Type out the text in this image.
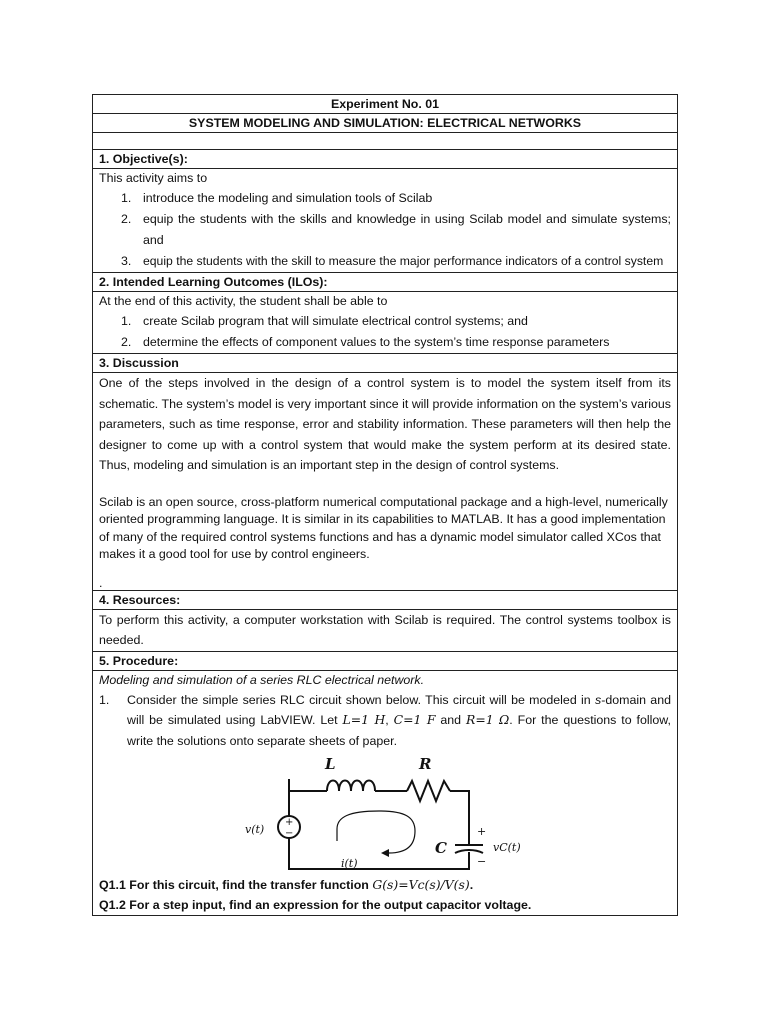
Experiment No. 01
SYSTEM MODELING AND SIMULATION: ELECTRICAL NETWORKS
1. Objective(s):
This activity aims to
1. introduce the modeling and simulation tools of Scilab
2. equip the students with the skills and knowledge in using Scilab model and simulate systems; and
3. equip the students with the skill to measure the major performance indicators of a control system
2. Intended Learning Outcomes (ILOs):
At the end of this activity, the student shall be able to
1. create Scilab program that will simulate electrical control systems; and
2. determine the effects of component values to the system’s time response parameters
3. Discussion
One of the steps involved in the design of a control system is to model the system itself from its schematic. The system’s model is very important since it will provide information on the system’s various parameters, such as time response, error and stability information. These parameters will then help the designer to come up with a control system that would make the system perform at its desired state. Thus, modeling and simulation is an important step in the design of control systems.
Scilab is an open source, cross-platform numerical computational package and a high-level, numerically oriented programming language. It is similar in its capabilities to MATLAB. It has a good implementation of many of the required control systems functions and has a dynamic model simulator called XCos that makes it a good tool for use by control engineers.
.
4. Resources:
To perform this activity, a computer workstation with Scilab is required. The control systems toolbox is needed.
5. Procedure:
Modeling and simulation of a series RLC electrical network.
1. Consider the simple series RLC circuit shown below. This circuit will be modeled in s-domain and will be simulated using LabVIEW. Let L=1 H, C=1 F and R=1 Ω. For the questions to follow, write the solutions onto separate sheets of paper.
L	R
C
v(t)
vC(t)
i(t)
+
−	+
−
Q1.1 For this circuit, find the transfer function G(s)=Vc(s)/V(s).
Q1.2 For a step input, find an expression for the output capacitor voltage.
